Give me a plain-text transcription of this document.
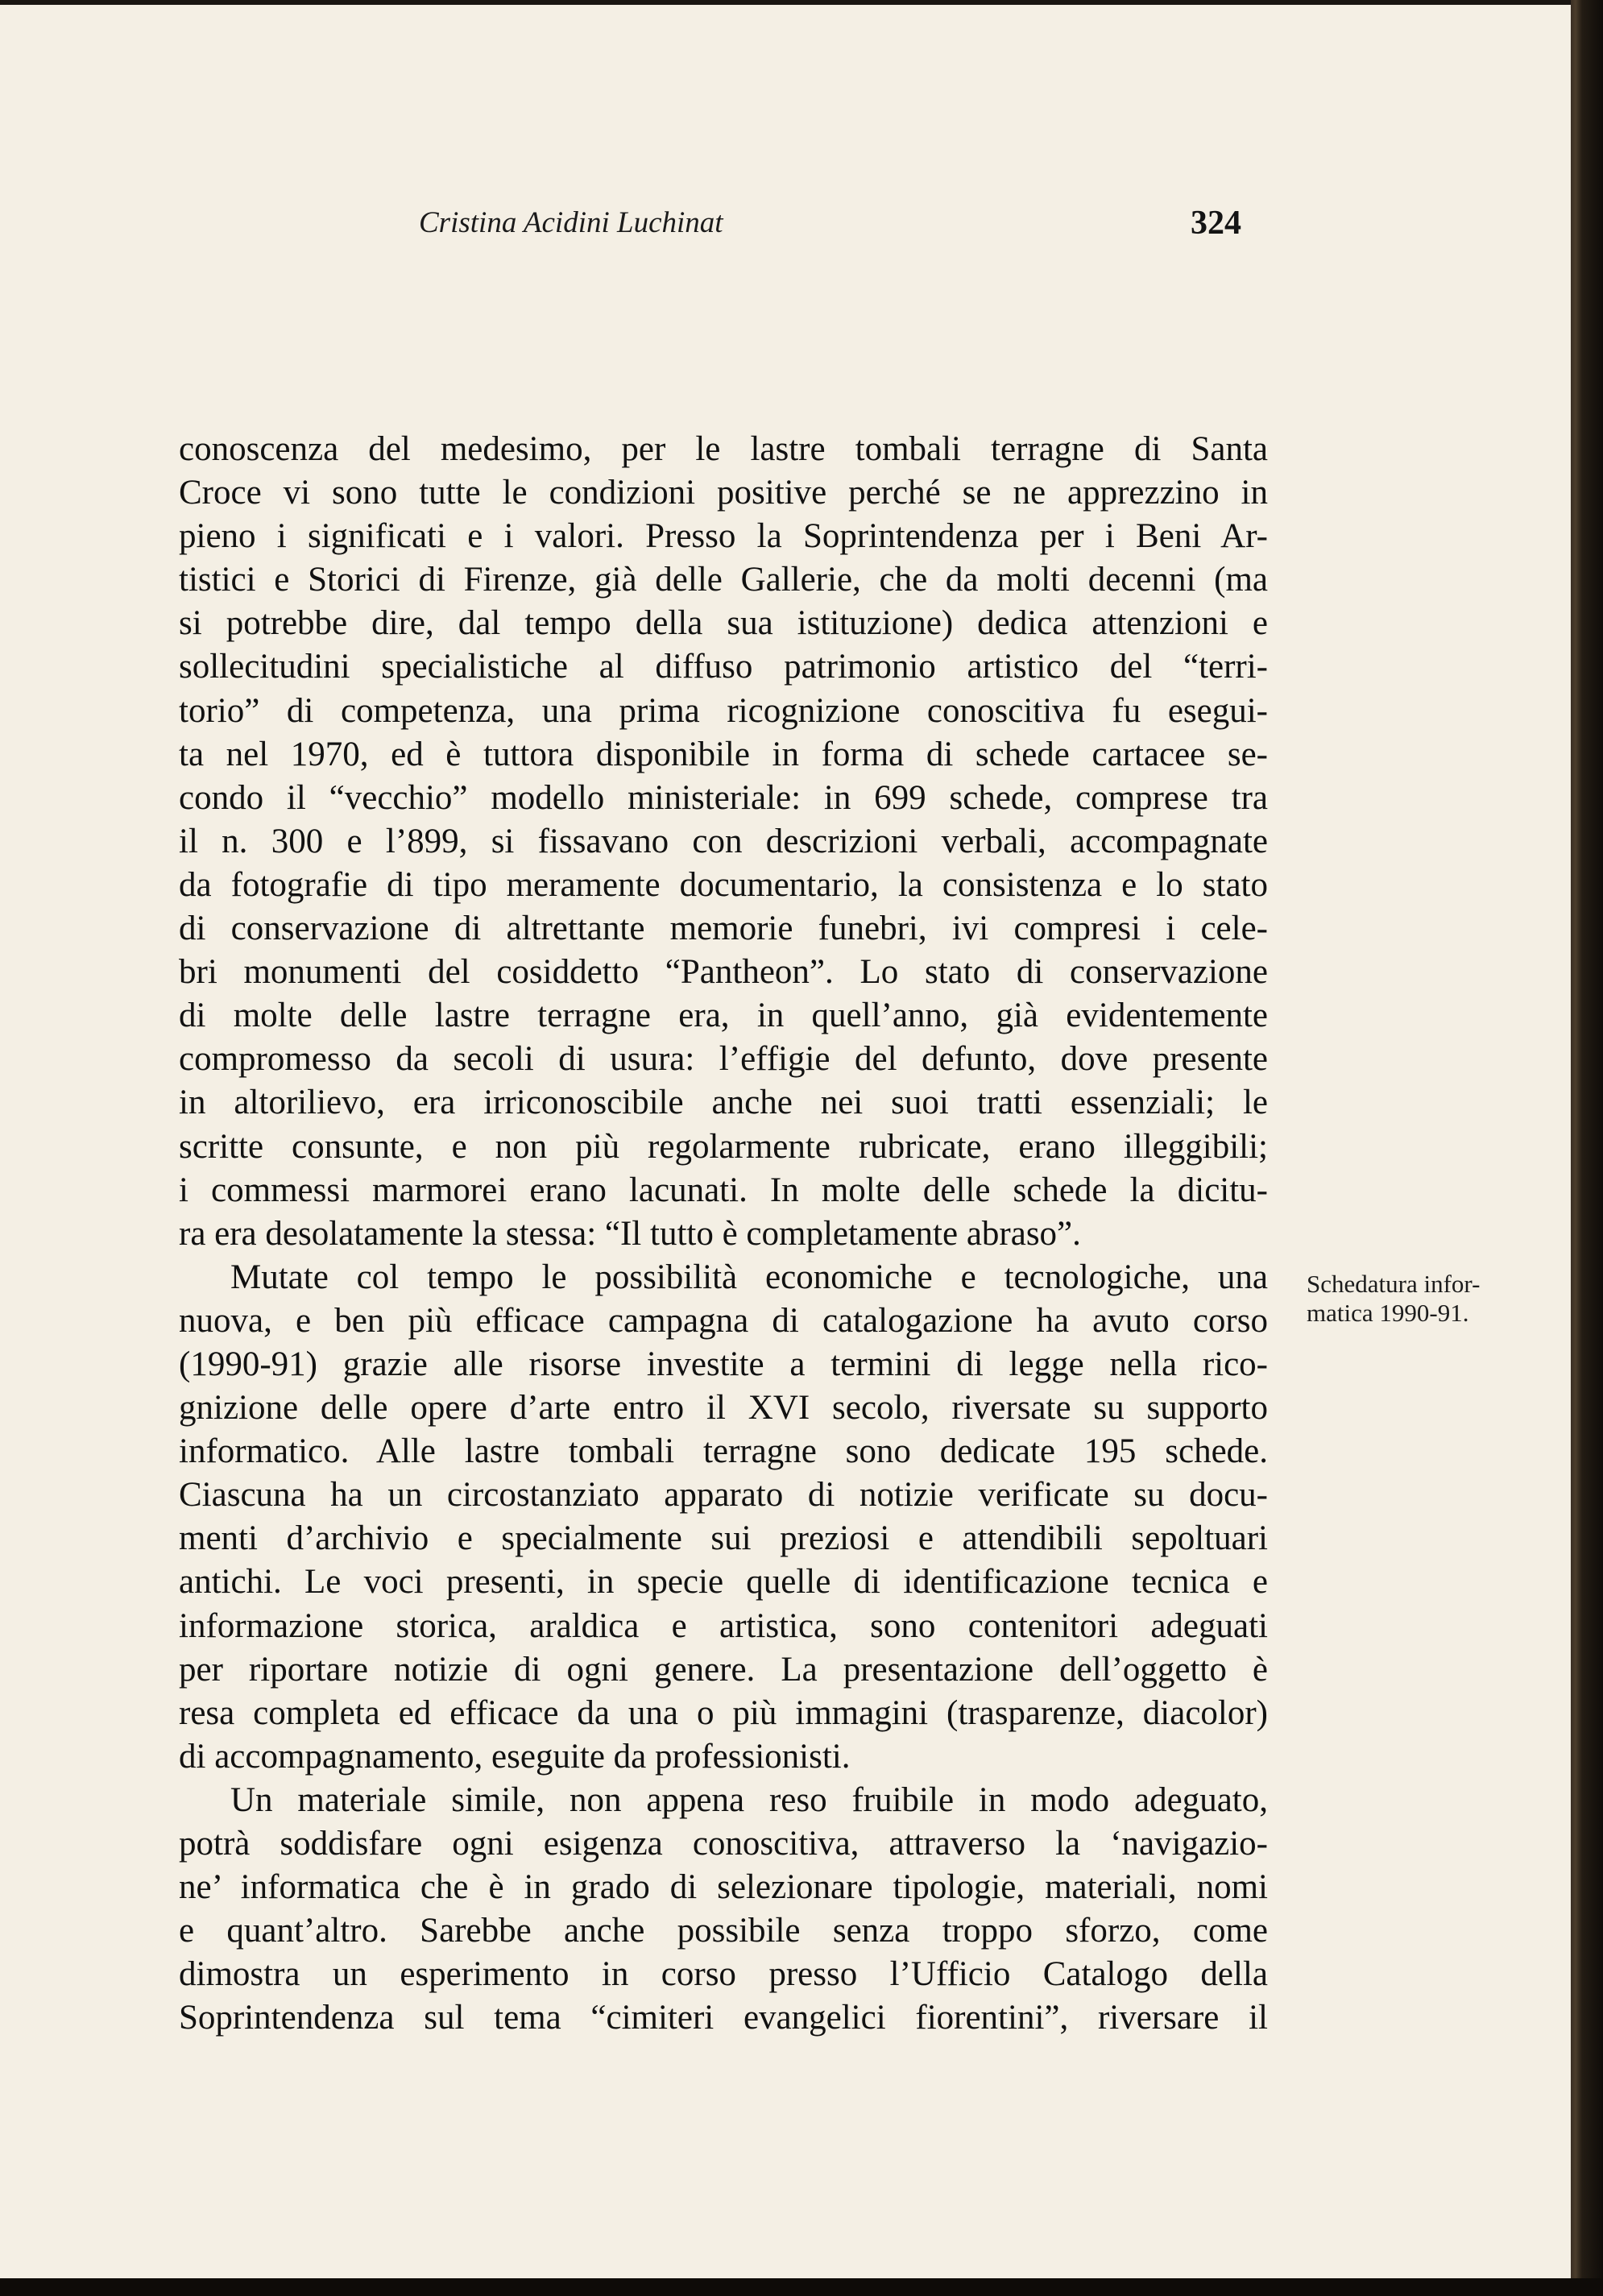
Cristina Acidini Luchinat	324
conoscenza del medesimo, per le lastre tombali terragne di Santa
Croce vi sono tutte le condizioni positive perché se ne apprezzino in
pieno i significati e i valori. Presso la Soprintendenza per i Beni Ar-
tistici e Storici di Firenze, già delle Gallerie, che da molti decenni (ma
si potrebbe dire, dal tempo della sua istituzione) dedica attenzioni e
sollecitudini specialistiche al diffuso patrimonio artistico del “terri-
torio” di competenza, una prima ricognizione conoscitiva fu esegui-
ta nel 1970, ed è tuttora disponibile in forma di schede cartacee se-
condo il “vecchio” modello ministeriale: in 699 schede, comprese tra
il n. 300 e l’899, si fissavano con descrizioni verbali, accompagnate
da fotografie di tipo meramente documentario, la consistenza e lo stato
di conservazione di altrettante memorie funebri, ivi compresi i cele-
bri monumenti del cosiddetto “Pantheon”. Lo stato di conservazione
di molte delle lastre terragne era, in quell’anno, già evidentemente
compromesso da secoli di usura: l’effigie del defunto, dove presente
in altorilievo, era irriconoscibile anche nei suoi tratti essenziali; le
scritte consunte, e non più regolarmente rubricate, erano illeggibili;
i commessi marmorei erano lacunati. In molte delle schede la dicitu-
ra era desolatamente la stessa: “Il tutto è completamente abraso”.
Mutate col tempo le possibilità economiche e tecnologiche, una
nuova, e ben più efficace campagna di catalogazione ha avuto corso
(1990-91) grazie alle risorse investite a termini di legge nella rico-
gnizione delle opere d’arte entro il XVI secolo, riversate su supporto
informatico. Alle lastre tombali terragne sono dedicate 195 schede.
Ciascuna ha un circostanziato apparato di notizie verificate su docu-
menti d’archivio e specialmente sui preziosi e attendibili sepoltuari
antichi. Le voci presenti, in specie quelle di identificazione tecnica e
informazione storica, araldica e artistica, sono contenitori adeguati
per riportare notizie di ogni genere. La presentazione dell’oggetto è
resa completa ed efficace da una o più immagini (trasparenze, diacolor)
di accompagnamento, eseguite da professionisti.
Un materiale simile, non appena reso fruibile in modo adeguato,
potrà soddisfare ogni esigenza conoscitiva, attraverso la ‘navigazio-
ne’ informatica che è in grado di selezionare tipologie, materiali, nomi
e quant’altro. Sarebbe anche possibile senza troppo sforzo, come
dimostra un esperimento in corso presso l’Ufficio Catalogo della
Soprintendenza sul tema “cimiteri evangelici fiorentini”, riversare il
Schedatura infor-
matica 1990-91.
